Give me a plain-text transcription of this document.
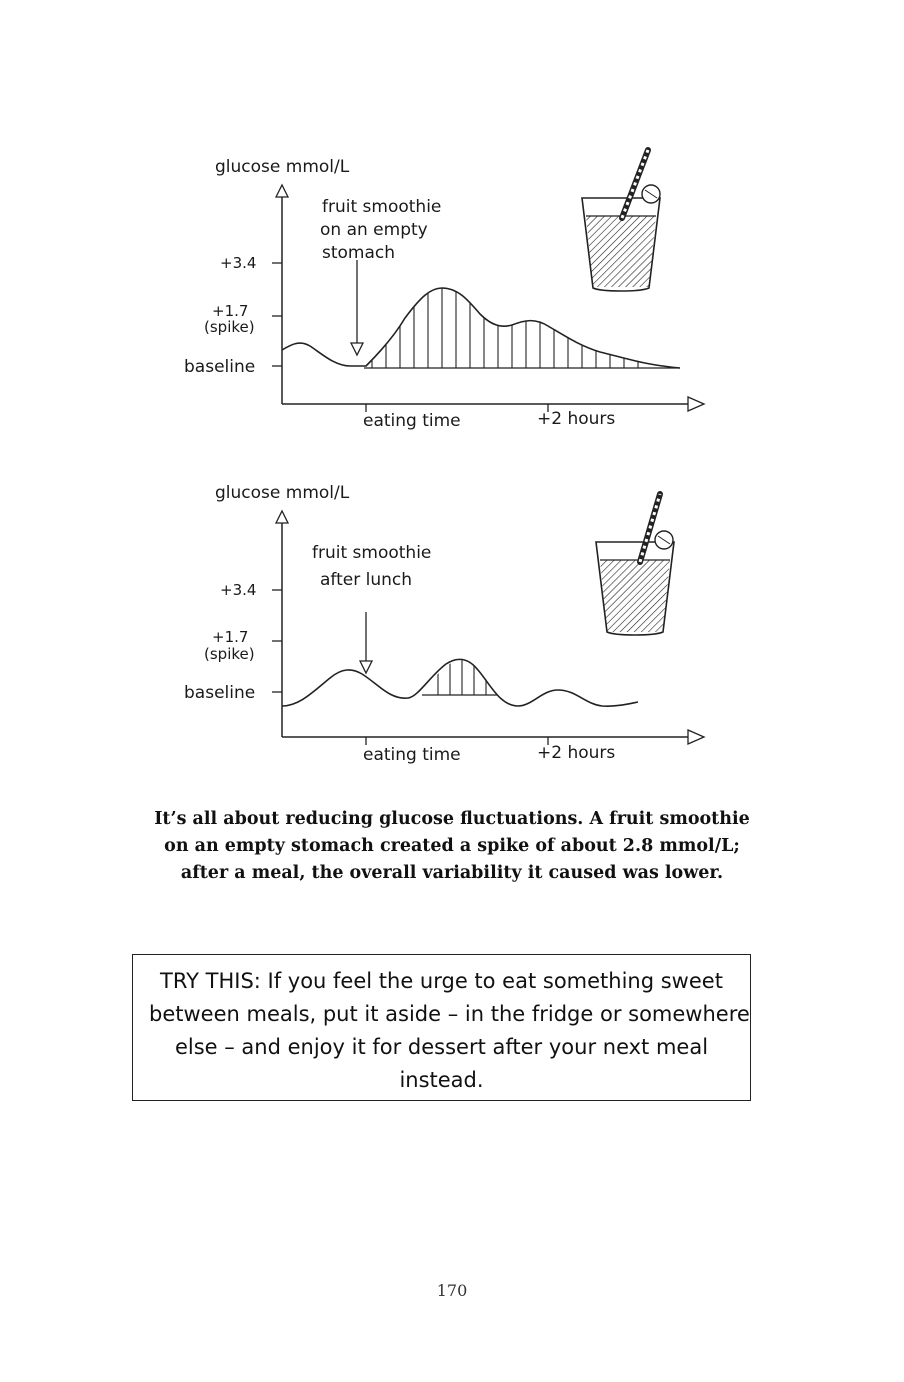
glucose mmol/L
+3.4
+1.7
(spike)
baseline
fruit smoothie
on an empty
stomach
eating time	+2 hours
glucose mmol/L
+3.4
+1.7
(spike)
baseline
fruit smoothie
after lunch
eating time	+2 hours
It’s all about reducing glucose fluctuations. A fruit smoothie
on an empty stomach created a spike of about 2.8 mmol/L;
after a meal, the overall variability it caused was lower.
TRY THIS: If you feel the urge to eat something sweet
between meals, put it aside – in the fridge or somewhere
else – and enjoy it for dessert after your next meal
instead.
170
